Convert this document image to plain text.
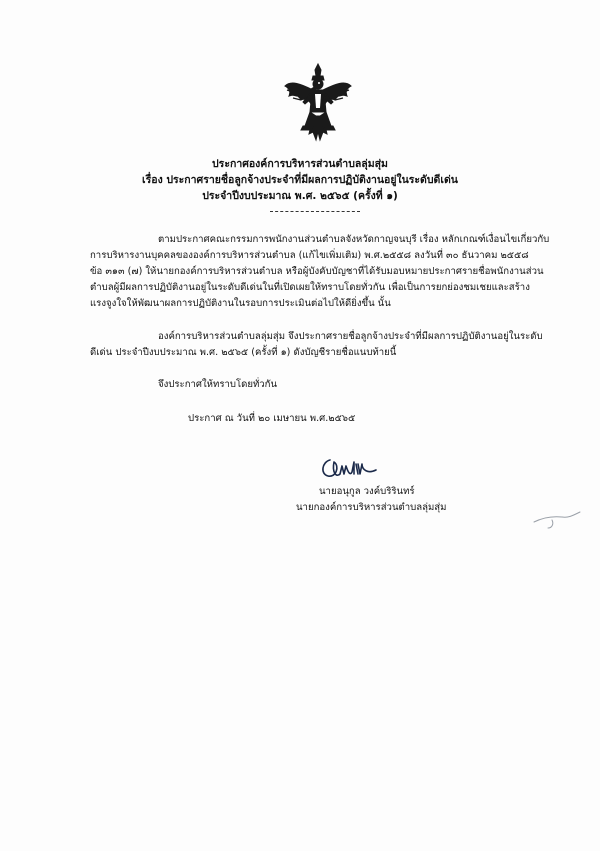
ประกาศองค์การบริหารส่วนตำบลลุ่มสุ่ม
เรื่อง ประกาศรายชื่อลูกจ้างประจำที่มีผลการปฏิบัติงานอยู่ในระดับดีเด่น
ประจำปีงบประมาณ พ.ศ. ๒๕๖๕ (ครั้งที่ ๑)
ตามประกาศคณะกรรมการพนักงานส่วนตำบลจังหวัดกาญจนบุรี เรื่อง หลักเกณฑ์เงื่อนไขเกี่ยวกับ
การบริหารงานบุคคลขององค์การบริหารส่วนตำบล (แก้ไขเพิ่มเติม) พ.ศ.๒๕๕๘ ลงวันที่ ๓๐ ธันวาคม ๒๕๕๘
ข้อ ๓๑๓ (๗) ให้นายกองค์การบริหารส่วนตำบล หรือผู้บังคับบัญชาที่ได้รับมอบหมายประกาศรายชื่อพนักงานส่วน
ตำบลผู้มีผลการปฏิบัติงานอยู่ในระดับดีเด่นในที่เปิดเผยให้ทราบโดยทั่วกัน เพื่อเป็นการยกย่องชมเชยและสร้าง
แรงจูงใจให้พัฒนาผลการปฏิบัติงานในรอบการประเมินต่อไปให้ดียิ่งขึ้น นั้น
องค์การบริหารส่วนตำบลลุ่มสุ่ม จึงประกาศรายชื่อลูกจ้างประจำที่มีผลการปฏิบัติงานอยู่ในระดับ
ดีเด่น ประจำปีงบประมาณ พ.ศ. ๒๕๖๕ (ครั้งที่ ๑) ดังบัญชีรายชื่อแนบท้ายนี้
จึงประกาศให้ทราบโดยทั่วกัน
ประกาศ ณ วันที่ ๒๐ เมษายน พ.ศ.๒๕๖๕
นายอนุกูล วงค์บริรินทร์
นายกองค์การบริหารส่วนตำบลลุ่มสุ่ม
